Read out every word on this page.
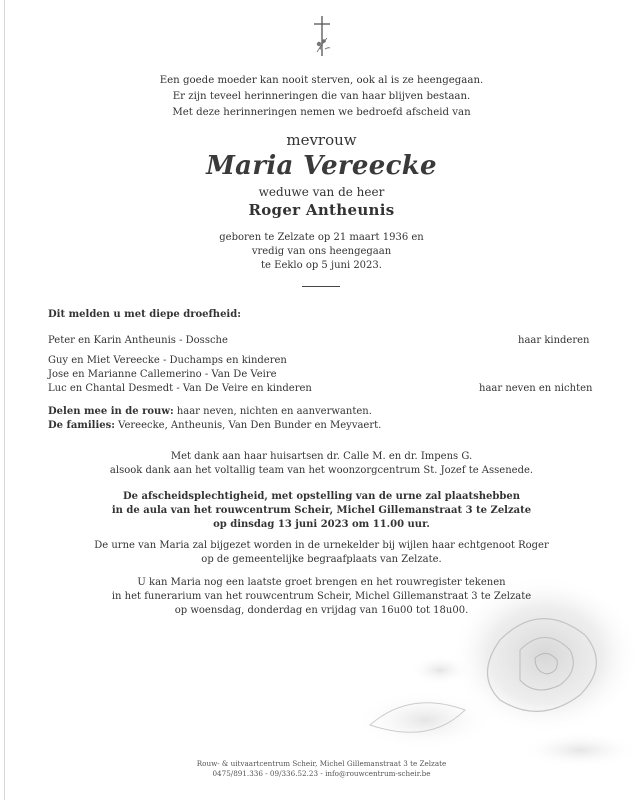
Een goede moeder kan nooit sterven, ook al is ze heengegaan.
Er zijn teveel herinneringen die van haar blijven bestaan.
Met deze herinneringen nemen we bedroefd afscheid van
mevrouw
Maria Vereecke
weduwe van de heer
Roger Antheunis
geboren te Zelzate op 21 maart 1936 en
vredig van ons heengegaan
te Eeklo op 5 juni 2023.
Dit melden u met diepe droefheid:
Peter en Karin Antheunis - Dossche	haar kinderen
Guy en Miet Vereecke - Duchamps en kinderen
Jose en Marianne Callemerino - Van De Veire
Luc en Chantal Desmedt - Van De Veire en kinderen	haar neven en nichten
Delen mee in de rouw: haar neven, nichten en aanverwanten.
De families: Vereecke, Antheunis, Van Den Bunder en Meyvaert.
Met dank aan haar huisartsen dr. Calle M. en dr. Impens G.
alsook dank aan het voltallig team van het woonzorgcentrum St. Jozef te Assenede.
De afscheidsplechtigheid, met opstelling van de urne zal plaatshebben
in de aula van het rouwcentrum Scheir, Michel Gillemanstraat 3 te Zelzate
op dinsdag 13 juni 2023 om 11.00 uur.
De urne van Maria zal bijgezet worden in de urnekelder bij wijlen haar echtgenoot Roger
op de gemeentelijke begraafplaats van Zelzate.
U kan Maria nog een laatste groet brengen en het rouwregister tekenen
in het funerarium van het rouwcentrum Scheir, Michel Gillemanstraat 3 te Zelzate
op woensdag, donderdag en vrijdag van 16u00 tot 18u00.
Rouw- & uitvaartcentrum Scheir, Michel Gillemanstraat 3 te Zelzate
0475/891.336 - 09/336.52.23 - info@rouwcentrum-scheir.be
